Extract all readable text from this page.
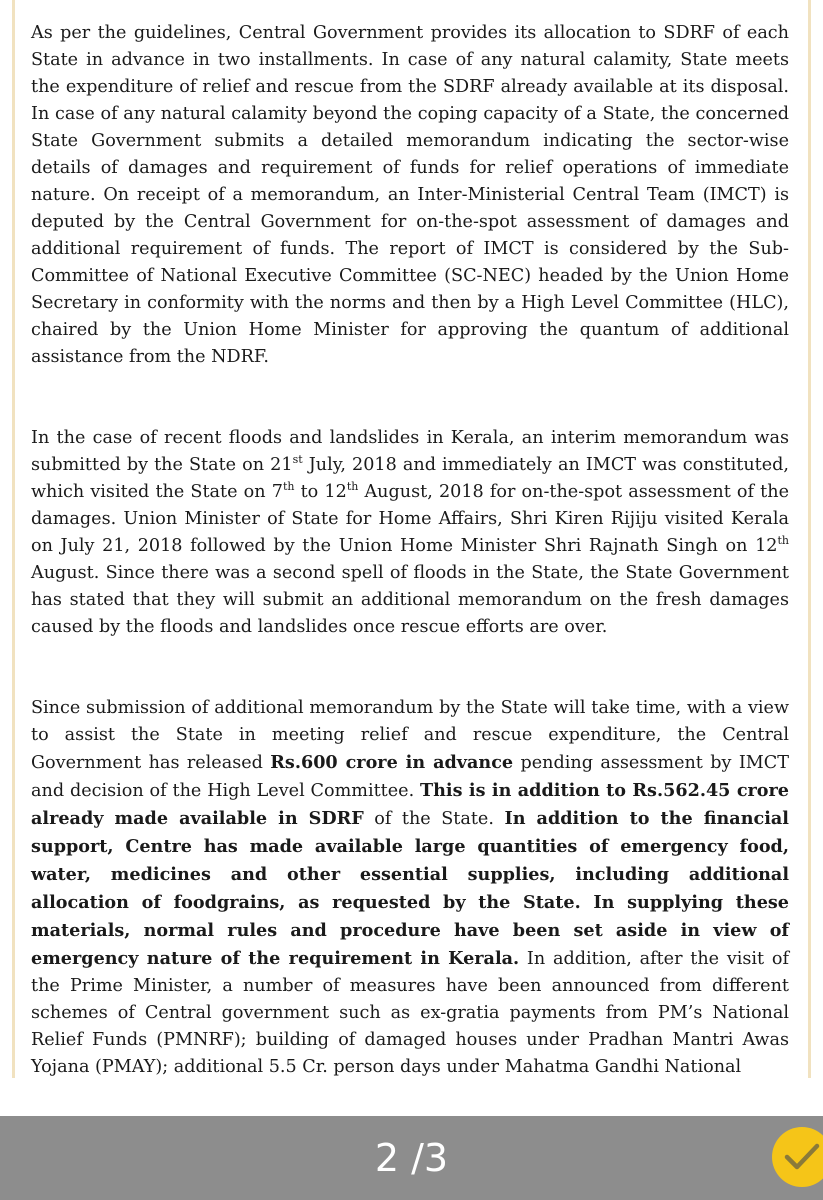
As per the guidelines, Central Government provides its allocation to SDRF of each State in advance in two installments. In case of any natural calamity, State meets the expenditure of relief and rescue from the SDRF already available at its disposal. In case of any natural calamity beyond the coping capacity of a State, the concerned State Government submits a detailed memorandum indicating the sector-wise details of damages and requirement of funds for relief operations of immediate nature. On receipt of a memorandum, an Inter-Ministerial Central Team (IMCT) is deputed by the Central Government for on-the-spot assessment of damages and additional requirement of funds. The report of IMCT is considered by the Sub-Committee of National Executive Committee (SC-NEC) headed by the Union Home Secretary in conformity with the norms and then by a High Level Committee (HLC), chaired by the Union Home Minister for approving the quantum of additional assistance from the NDRF.

In the case of recent floods and landslides in Kerala, an interim memorandum was submitted by the State on 21st July, 2018 and immediately an IMCT was constituted, which visited the State on 7th to 12th August, 2018 for on-the-spot assessment of the damages. Union Minister of State for Home Affairs, Shri Kiren Rijiju visited Kerala on July 21, 2018 followed by the Union Home Minister Shri Rajnath Singh on 12th August. Since there was a second spell of floods in the State, the State Government has stated that they will submit an additional memorandum on the fresh damages caused by the floods and landslides once rescue efforts are over.

Since submission of additional memorandum by the State will take time, with a view to assist the State in meeting relief and rescue expenditure, the Central Government has released Rs.600 crore in advance pending assessment by IMCT and decision of the High Level Committee. This is in addition to Rs.562.45 crore already made available in SDRF of the State. In addition to the financial support, Centre has made available large quantities of emergency food, water, medicines and other essential supplies, including additional allocation of foodgrains, as requested by the State. In supplying these materials, normal rules and procedure have been set aside in view of emergency nature of the requirement in Kerala. In addition, after the visit of the Prime Minister, a number of measures have been announced from different schemes of Central government such as ex-gratia payments from PM’s National Relief Funds (PMNRF); building of damaged houses under Pradhan Mantri Awas Yojana (PMAY); additional 5.5 Cr. person days under Mahatma Gandhi National

2 /3
